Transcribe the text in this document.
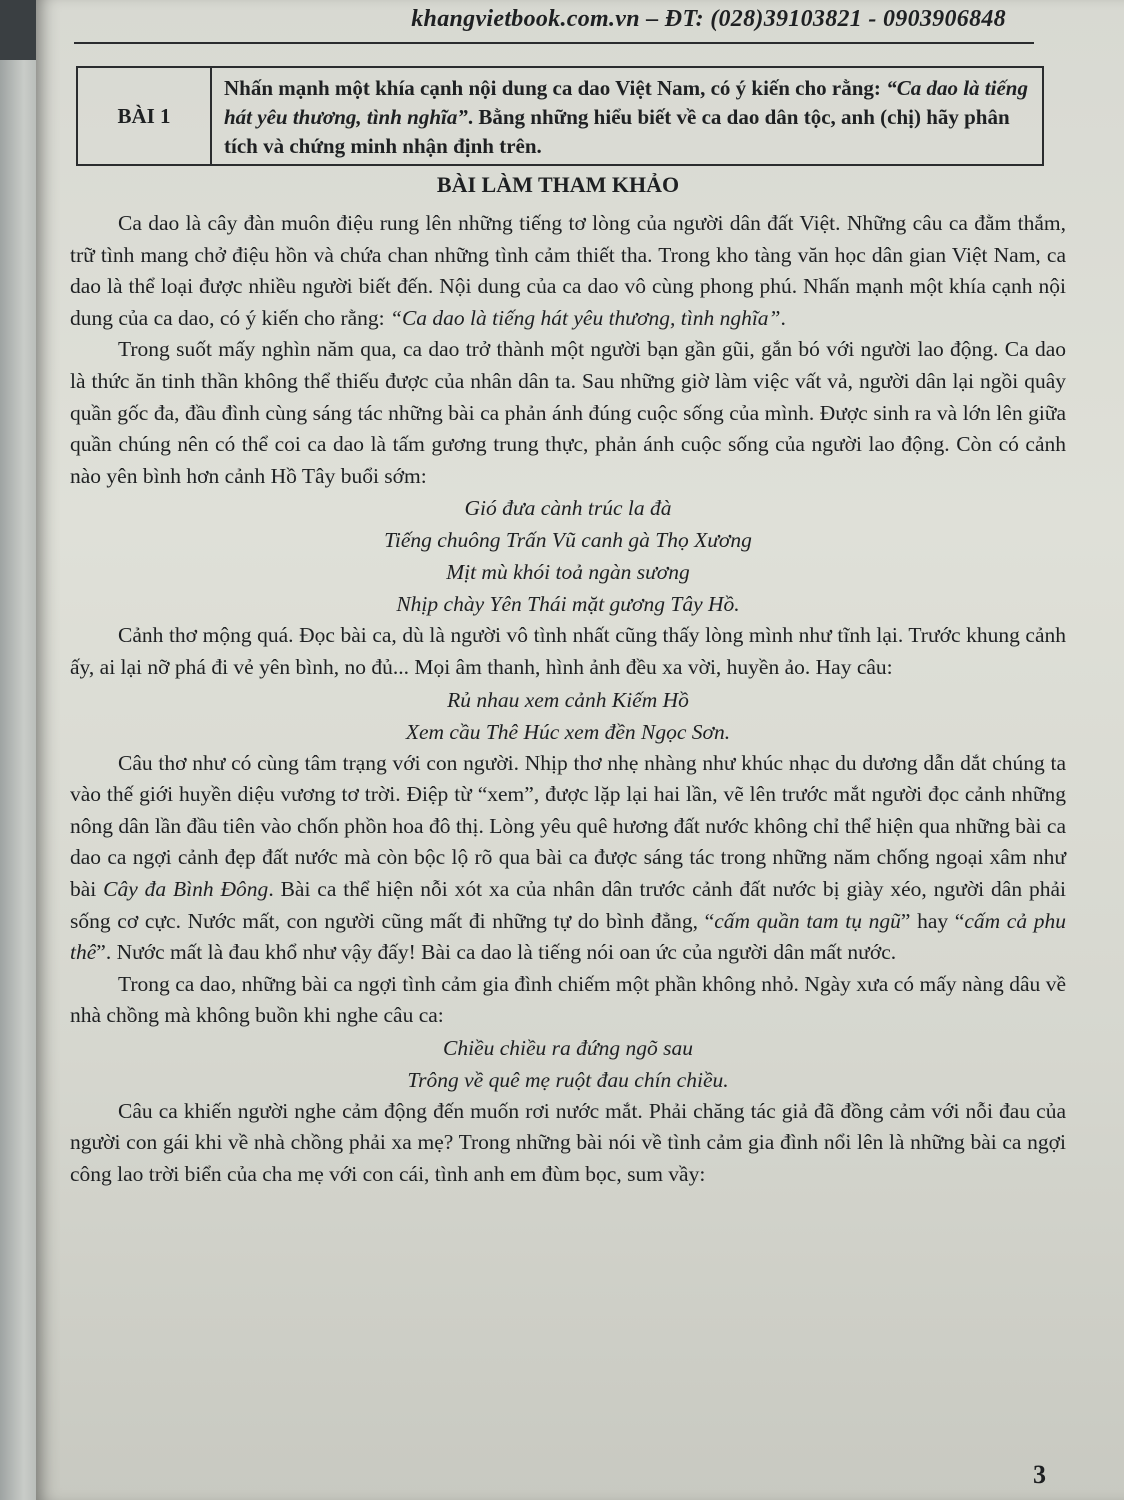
khangvietbook.com.vn – ĐT: (028)39103821 - 0903906848
BÀI 1
Nhấn mạnh một khía cạnh nội dung ca dao Việt Nam, có ý kiến cho rằng: “Ca dao là tiếng hát yêu thương, tình nghĩa”. Bằng những hiểu biết về ca dao dân tộc, anh (chị) hãy phân tích và chứng minh nhận định trên.
BÀI LÀM THAM KHẢO

Ca dao là cây đàn muôn điệu rung lên những tiếng tơ lòng của người dân đất Việt. Những câu ca đằm thắm, trữ tình mang chở điệu hồn và chứa chan những tình cảm thiết tha. Trong kho tàng văn học dân gian Việt Nam, ca dao là thể loại được nhiều người biết đến. Nội dung của ca dao vô cùng phong phú. Nhấn mạnh một khía cạnh nội dung của ca dao, có ý kiến cho rằng: “Ca dao là tiếng hát yêu thương, tình nghĩa”.

Trong suốt mấy nghìn năm qua, ca dao trở thành một người bạn gần gũi, gắn bó với người lao động. Ca dao là thức ăn tinh thần không thể thiếu được của nhân dân ta. Sau những giờ làm việc vất vả, người dân lại ngồi quây quần gốc đa, đầu đình cùng sáng tác những bài ca phản ánh đúng cuộc sống của mình. Được sinh ra và lớn lên giữa quần chúng nên có thể coi ca dao là tấm gương trung thực, phản ánh cuộc sống của người lao động. Còn có cảnh nào yên bình hơn cảnh Hồ Tây buổi sớm:

Gió đưa cành trúc la đà
Tiếng chuông Trấn Vũ canh gà Thọ Xương
Mịt mù khói toả ngàn sương
Nhịp chày Yên Thái mặt gương Tây Hồ.

Cảnh thơ mộng quá. Đọc bài ca, dù là người vô tình nhất cũng thấy lòng mình như tĩnh lại. Trước khung cảnh ấy, ai lại nỡ phá đi vẻ yên bình, no đủ... Mọi âm thanh, hình ảnh đều xa vời, huyền ảo. Hay câu:

Rủ nhau xem cảnh Kiếm Hồ
Xem cầu Thê Húc xem đền Ngọc Sơn.

Câu thơ như có cùng tâm trạng với con người. Nhịp thơ nhẹ nhàng như khúc nhạc du dương dẫn dắt chúng ta vào thế giới huyền diệu vương tơ trời. Điệp từ “xem”, được lặp lại hai lần, vẽ lên trước mắt người đọc cảnh những nông dân lần đầu tiên vào chốn phồn hoa đô thị. Lòng yêu quê hương đất nước không chỉ thể hiện qua những bài ca dao ca ngợi cảnh đẹp đất nước mà còn bộc lộ rõ qua bài ca được sáng tác trong những năm chống ngoại xâm như bài Cây đa Bình Đông. Bài ca thể hiện nỗi xót xa của nhân dân trước cảnh đất nước bị giày xéo, người dân phải sống cơ cực. Nước mất, con người cũng mất đi những tự do bình đẳng, “cấm quần tam tụ ngũ” hay “cấm cả phu thê”. Nước mất là đau khổ như vậy đấy! Bài ca dao là tiếng nói oan ức của người dân mất nước.

Trong ca dao, những bài ca ngợi tình cảm gia đình chiếm một phần không nhỏ. Ngày xưa có mấy nàng dâu về nhà chồng mà không buồn khi nghe câu ca:

Chiều chiều ra đứng ngõ sau
Trông về quê mẹ ruột đau chín chiều.

Câu ca khiến người nghe cảm động đến muốn rơi nước mắt. Phải chăng tác giả đã đồng cảm với nỗi đau của người con gái khi về nhà chồng phải xa mẹ? Trong những bài nói về tình cảm gia đình nổi lên là những bài ca ngợi công lao trời biển của cha mẹ với con cái, tình anh em đùm bọc, sum vầy:

3
